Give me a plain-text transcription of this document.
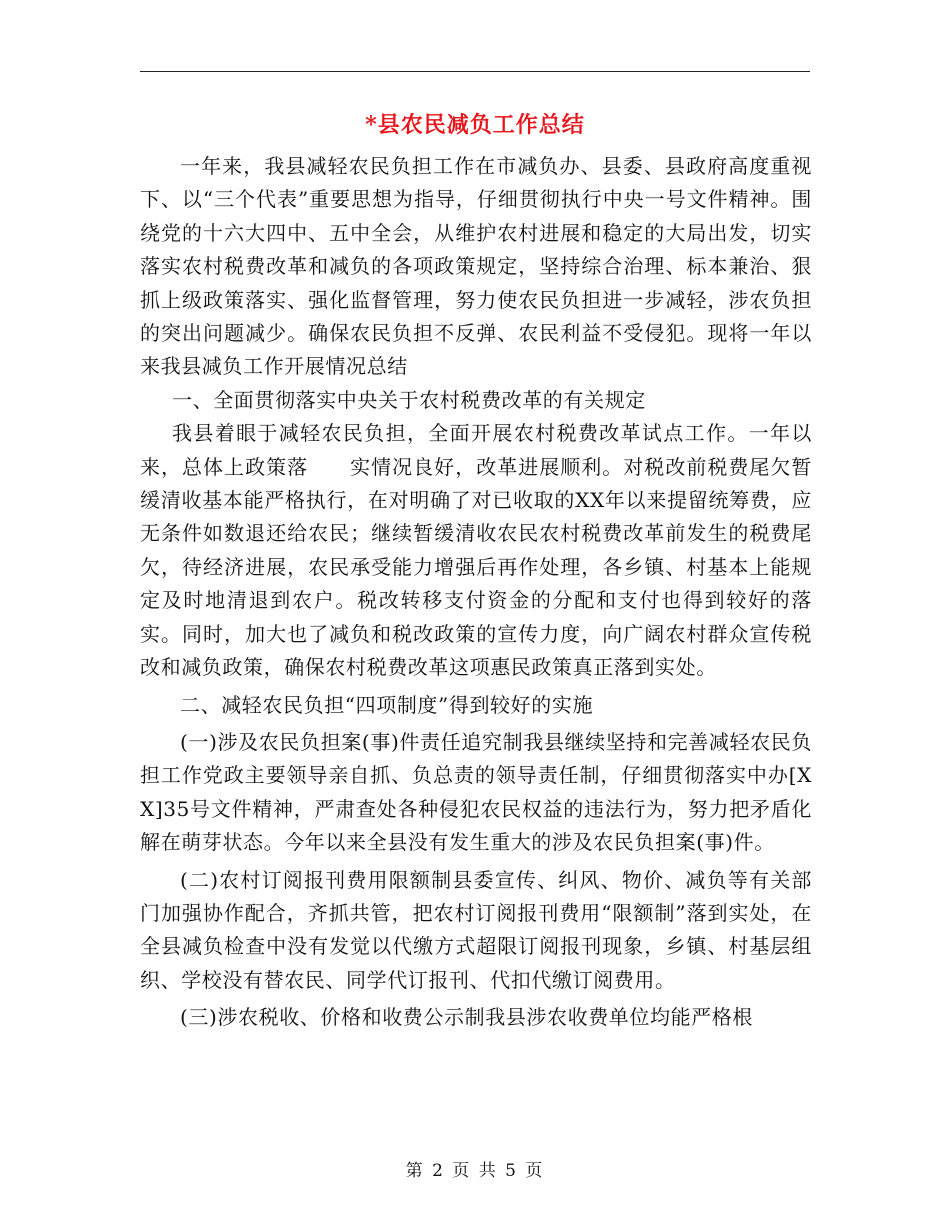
*县农民减负工作总结

一年来，我县减轻农民负担工作在市减负办、县委、县政府高度重视下、以“三个代表”重要思想为指导，仔细贯彻执行中央一号文件精神。围绕党的十六大四中、五中全会，从维护农村进展和稳定的大局出发，切实落实农村税费改革和减负的各项政策规定，坚持综合治理、标本兼治、狠抓上级政策落实、强化监督管理，努力使农民负担进一步减轻，涉农负担的突出问题减少。确保农民负担不反弹、农民利益不受侵犯。现将一年以来我县减负工作开展情况总结

一、全面贯彻落实中央关于农村税费改革的有关规定

我县着眼于减轻农民负担，全面开展农村税费改革试点工作。一年以来，总体上政策落　　实情况良好，改革进展顺利。对税改前税费尾欠暂缓清收基本能严格执行，在对明确了对已收取的XX年以来提留统筹费，应无条件如数退还给农民；继续暂缓清收农民农村税费改革前发生的税费尾欠，待经济进展，农民承受能力增强后再作处理，各乡镇、村基本上能规定及时地清退到农户。税改转移支付资金的分配和支付也得到较好的落实。同时，加大也了减负和税改政策的宣传力度，向广阔农村群众宣传税改和减负政策，确保农村税费改革这项惠民政策真正落到实处。

二、减轻农民负担“四项制度”得到较好的实施

(一)涉及农民负担案(事)件责任追究制我县继续坚持和完善减轻农民负担工作党政主要领导亲自抓、负总责的领导责任制，仔细贯彻落实中办[XX]35号文件精神，严肃查处各种侵犯农民权益的违法行为，努力把矛盾化解在萌芽状态。今年以来全县没有发生重大的涉及农民负担案(事)件。

(二)农村订阅报刊费用限额制县委宣传、纠风、物价、减负等有关部门加强协作配合，齐抓共管，把农村订阅报刊费用“限额制”落到实处，在全县减负检查中没有发觉以代缴方式超限订阅报刊现象，乡镇、村基层组织、学校没有替农民、同学代订报刊、代扣代缴订阅费用。

(三)涉农税收、价格和收费公示制我县涉农收费单位均能严格根

第 2 页 共 5 页
